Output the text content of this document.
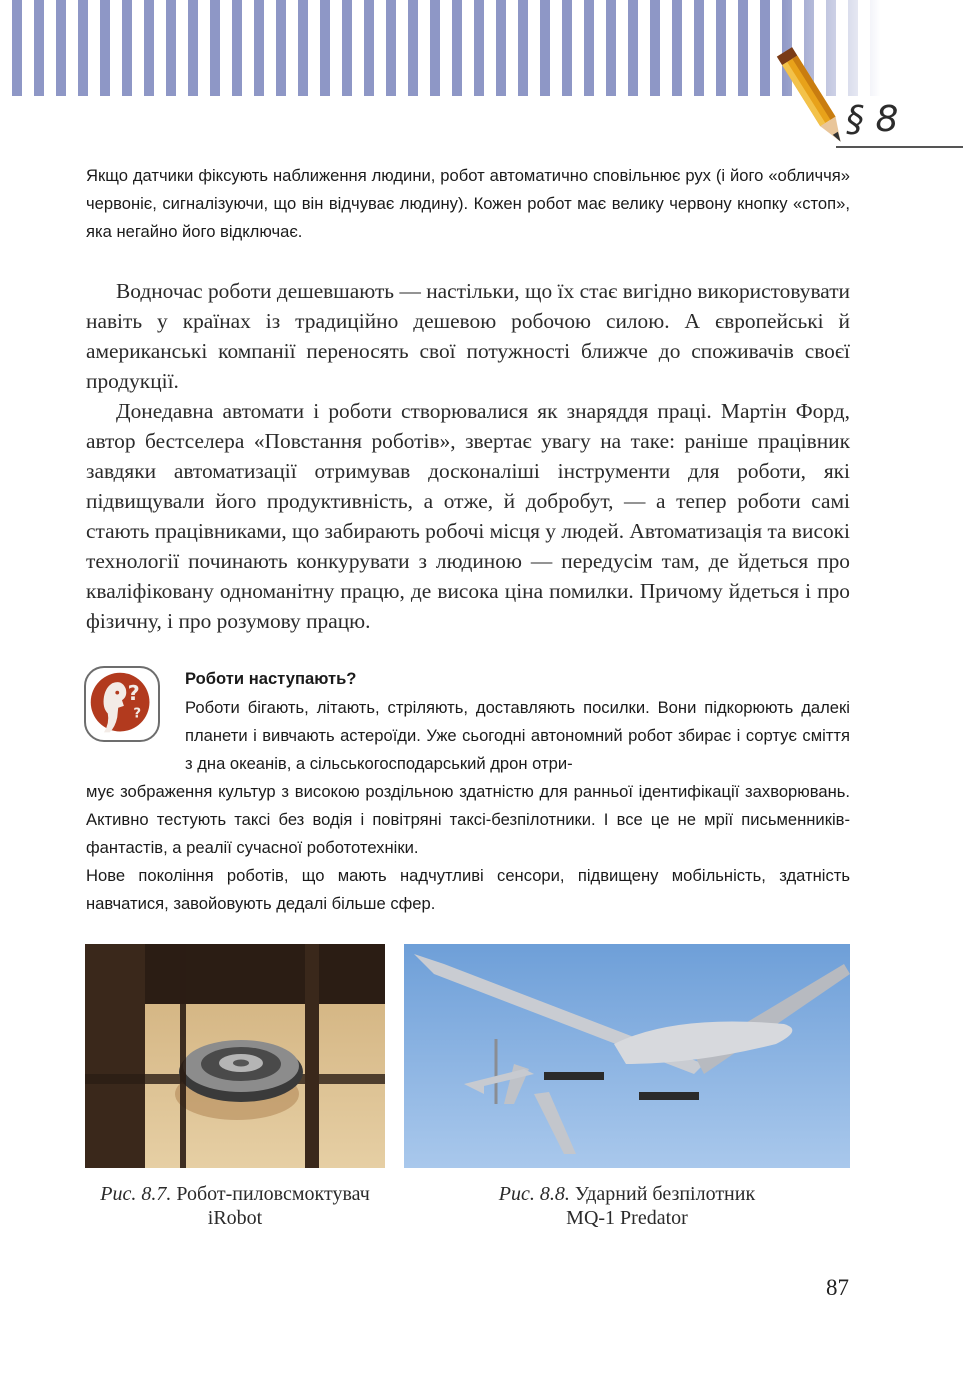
§ 8
Якщо датчики фіксують наближення людини, робот автоматично сповільнює рух (і його «обличчя» червоніє, сигналізуючи, що він відчуває людину). Кожен робот має велику червону кнопку «стоп», яка негайно його відключає.

Водночас роботи дешевшають — настільки, що їх стає вигідно використовувати навіть у країнах із традиційно дешевою робочою силою. А європейські й американські компанії переносять свої потужності ближче до споживачів своєї продукції.

Донедавна автомати і роботи створювалися як знаряддя праці. Мартін Форд, автор бестселера «Повстання роботів», звертає увагу на таке: раніше працівник завдяки автоматизації отримував досконаліші інструменти для роботи, які підвищували його продуктивність, а отже, й добробут, — а тепер роботи самі стають працівниками, що забирають робочі місця у людей. Автоматизація та високі технології починають конкурувати з людиною — передусім там, де йдеться про кваліфіковану одноманітну працю, де висока ціна помилки. Причому йдеться і про фізичну, і про розумову працю.

?
?
Роботи наступають?
Роботи бігають, літають, стріляють, доставляють посилки. Вони підкорюють далекі планети і вивчають астероїди. Уже сьогодні автономний робот збирає і сортує сміття з дна океанів, а сільськогосподарський дрон отри-
мує зображення культур з високою роздільною здатністю для ранньої ідентифікації захворювань. Активно тестують таксі без водія і повітряні таксі-безпілотники. І все це не мрії письменників-фантастів, а реалії сучасної робототехніки.
Нове покоління роботів, що мають надчутливі сенсори, підвищену мобільність, здатність навчатися, завойовують дедалі більше сфер.
Рис. 8.7. Робот-пиловсмоктувач
iRobot
Рис. 8.8. Ударний безпілотник
MQ-1 Predator
87
